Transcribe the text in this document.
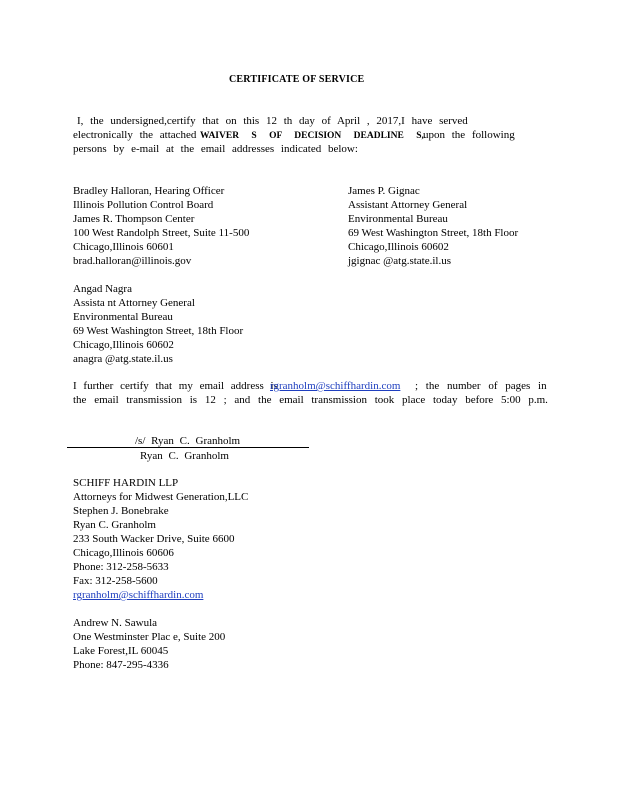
CERTIFICATE OF SERVICE
I, the undersigned,certify that on this 12 th day of April , 2017,I have served
electronically the attached WAIVER S OF DECISION DEADLINE S, upon the following
persons by e-mail at the email addresses indicated below:
Bradley Halloran, Hearing Officer
Illinois Pollution Control Board
James R. Thompson Center
100 West Randolph Street, Suite 11-500
Chicago,Illinois 60601
brad.halloran@illinois.gov
James P. Gignac
Assistant Attorney General
Environmental Bureau
69 West Washington Street, 18th Floor
Chicago,Illinois 60602
jgignac @atg.state.il.us
Angad Nagra
Assista nt Attorney General
Environmental Bureau
69 West Washington Street, 18th Floor
Chicago,Illinois 60602
anagra @atg.state.il.us
I further certify that my email address is
rgranholm@schiffhardin.com	; the number of pages in
the email transmission is 12 ; and the email transmission took place today before 5:00 p.m.
/s/ Ryan C. Granholm
Ryan C. Granholm
SCHIFF HARDIN LLP
Attorneys for Midwest Generation,LLC
Stephen J. Bonebrake
Ryan C. Granholm
233 South Wacker Drive, Suite 6600
Chicago,Illinois 60606
Phone: 312-258-5633
Fax: 312-258-5600
rgranholm@schiffhardin.com
Andrew N. Sawula
One Westminster Plac e, Suite 200
Lake Forest,IL 60045
Phone: 847-295-4336
